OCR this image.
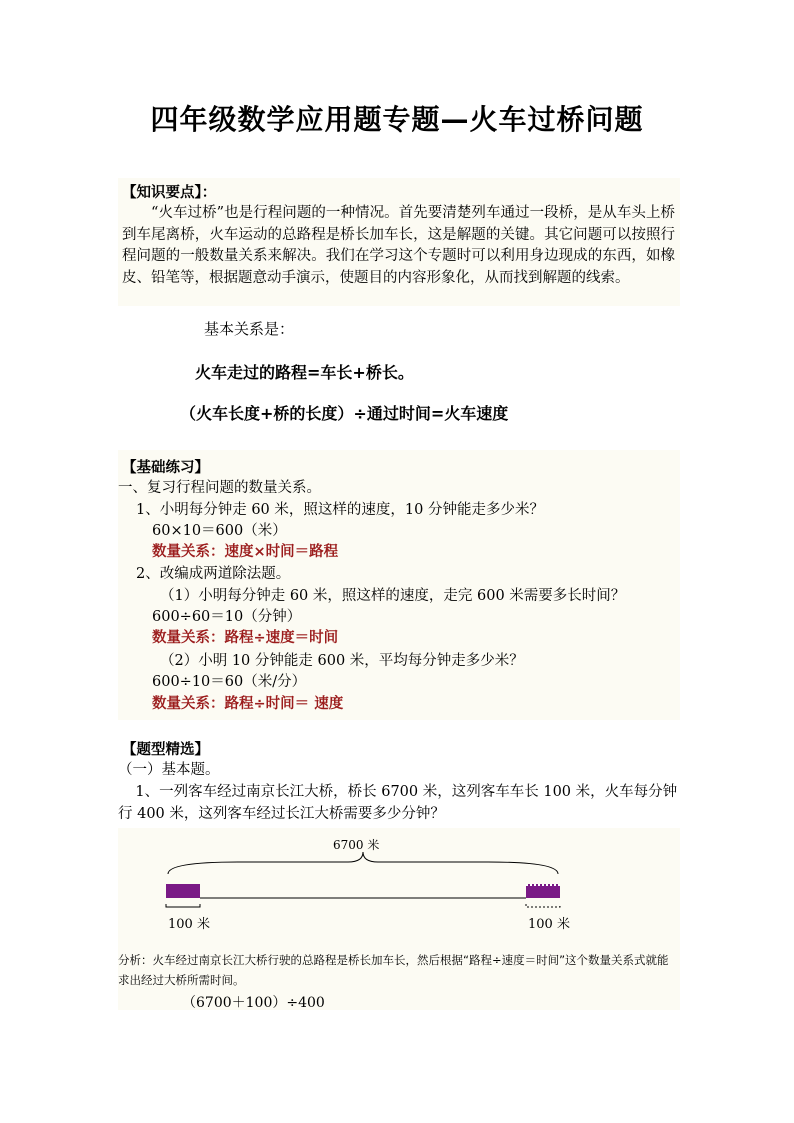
四年级数学应用题专题—火车过桥问题
【知识要点】：
“火车过桥”也是行程问题的一种情况。首先要清楚列车通过一段桥，是从车头上桥到车尾离桥，火车运动的总路程是桥长加车长，这是解题的关键。其它问题可以按照行程问题的一般数量关系来解决。我们在学习这个专题时可以利用身边现成的东西，如橡皮、铅笔等，根据题意动手演示，使题目的内容形象化，从而找到解题的线索。
基本关系是：
火车走过的路程=车长+桥长。
（火车长度+桥的长度）÷通过时间=火车速度
【基础练习】
一、复习行程问题的数量关系。
1、小明每分钟走 60 米，照这样的速度，10 分钟能走多少米？
60×10＝600（米）
数量关系：速度×时间＝路程
2、改编成两道除法题。
（1）小明每分钟走 60 米，照这样的速度，走完 600 米需要多长时间？
600÷60＝10（分钟）
数量关系：路程÷速度＝时间
（2）小明 10 分钟能走 600 米，平均每分钟走多少米？
600÷10＝60（米/分）
数量关系：路程÷时间＝ 速度
【题型精选】
（一）基本题。
1、一列客车经过南京长江大桥，桥长 6700 米，这列客车车长 100 米，火车每分钟行 400 米，这列客车经过长江大桥需要多少分钟？
6700 米
100 米	100 米
分析：火车经过南京长江大桥行驶的总路程是桥长加车长，然后根据“路程÷速度＝时间”这个数量关系式就能求出经过大桥所需时间。
（6700＋100）÷400
